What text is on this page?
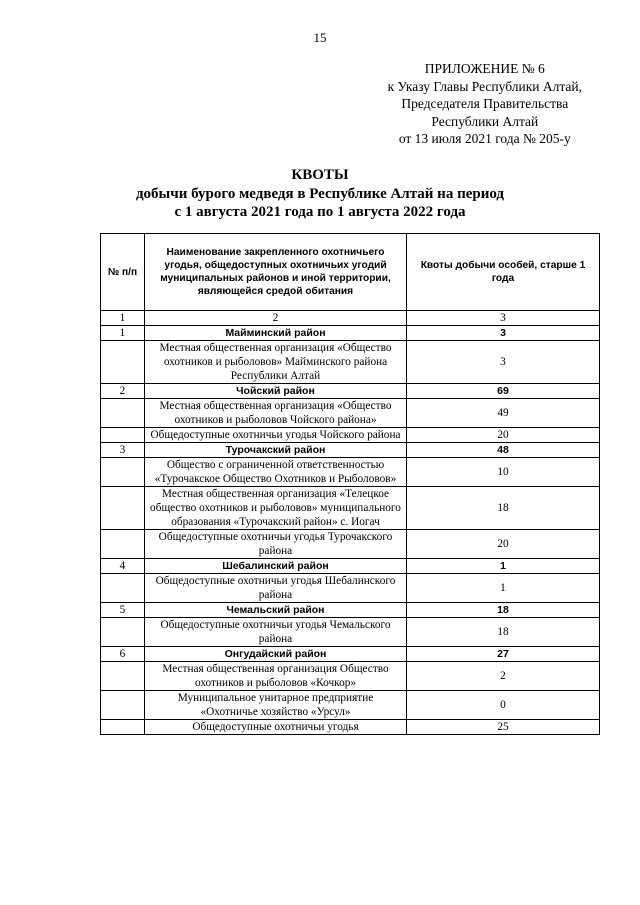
15
ПРИЛОЖЕНИЕ № 6
к Указу Главы Республики Алтай,
Председателя Правительства
Республики Алтай
от 13 июля 2021 года № 205-у
КВОТЫ
добычи бурого медведя в Республике Алтай на период
с 1 августа 2021 года по 1 августа 2022 года
№ п/п	Наименование закрепленного охотничьего угодья, общедоступных охотничьих угодий муниципальных районов и иной территории, являющейся средой обитания	Квоты добычи особей, старше 1 года
1	2	3
1	Майминский район	3
	Местная общественная организация «Общество охотников и рыболовов» Майминского района Республики Алтай	3
2	Чойский район	69
	Местная общественная организация «Общество охотников и рыболовов Чойского района»	49
	Общедоступные охотничьи угодья Чойского района	20
3	Турочакский район	48
	Общество с ограниченной ответственностью «Турочакское Общество Охотников и Рыболовов»	10
	Местная общественная организация «Телецкое общество охотников и рыболовов» муниципального образования «Турочакский район» с. Иогач	18
	Общедоступные охотничьи угодья Турочакского района	20
4	Шебалинский район	1
	Общедоступные охотничьи угодья Шебалинского района	1
5	Чемальский район	18
	Общедоступные охотничьи угодья Чемальского района	18
6	Онгудайский район	27
	Местная общественная организация Общество охотников и рыболовов «Кочкор»	2
	Муниципальное унитарное предприятие «Охотничье хозяйство «Урсул»	0
	Общедоступные охотничьи угодья	25
